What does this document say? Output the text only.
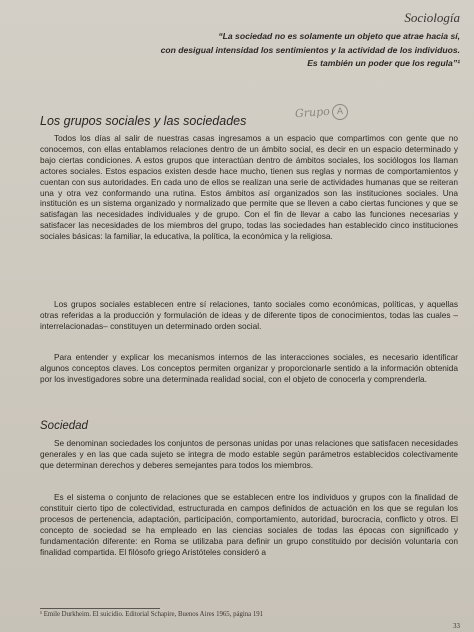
Sociología
“La sociedad no es solamente un objeto que atrae hacia sí,
con desigual intensidad los sentimientos y la actividad de los individuos.
Es también un poder que los regula”¹
Los grupos sociales y las sociedades
Grupo A

Todos los días al salir de nuestras casas ingresamos a un espacio que compartimos con gente que no conocemos, con ellas entablamos relaciones dentro de un ámbito social, es decir en un espacio determinado y bajo ciertas condiciones. A estos grupos que interactúan dentro de ámbitos sociales, los sociólogos los llaman actores sociales. Estos espacios existen desde hace mucho, tienen sus reglas y normas de comportamientos y cuentan con sus autoridades. En cada uno de ellos se realizan una serie de actividades humanas que se reiteran una y otra vez conformando una rutina. Estos ámbitos así organizados son las instituciones sociales. Una institución es un sistema organizado y normalizado que permite que se lleven a cabo ciertas funciones y que se satisfagan las necesidades individuales y de grupo. Con el fin de llevar a cabo las funciones necesarias y satisfacer las necesidades de los miembros del grupo, todas las sociedades han establecido cinco instituciones sociales básicas: la familiar, la educativa, la política, la económica y la religiosa.

Los grupos sociales establecen entre sí relaciones, tanto sociales como económicas, políticas, y aquellas otras referidas a la producción y formulación de ideas y de diferente tipos de conocimientos, todas las cuales –interrelacionadas– constituyen un determinado orden social.

Para entender y explicar los mecanismos internos de las interacciones sociales, es necesario identificar algunos conceptos claves. Los conceptos permiten organizar y proporcionarle sentido a la información obtenida por los investigadores sobre una determinada realidad social, con el objeto de conocerla y comprenderla.

Sociedad

Se denominan sociedades los conjuntos de personas unidas por unas relaciones que satisfacen necesidades generales y en las que cada sujeto se integra de modo estable según parámetros establecidos colectivamente que determinan derechos y deberes semejantes para todos los miembros.

Es el sistema o conjunto de relaciones que se establecen entre los individuos y grupos con la finalidad de constituir cierto tipo de colectividad, estructurada en campos definidos de actuación en los que se regulan los procesos de pertenencia, adaptación, participación, comportamiento, autoridad, burocracia, conflicto y otros. El concepto de sociedad se ha empleado en las ciencias sociales de todas las épocas con significado y fundamentación diferente: en Roma se utilizaba para definir un grupo constituido por decisión voluntaria con finalidad compartida. El filósofo griego Aristóteles consideró a

¹ Emile Durkheim. El suicidio. Editorial Schapire, Buenos Aires 1965, página 191
33
